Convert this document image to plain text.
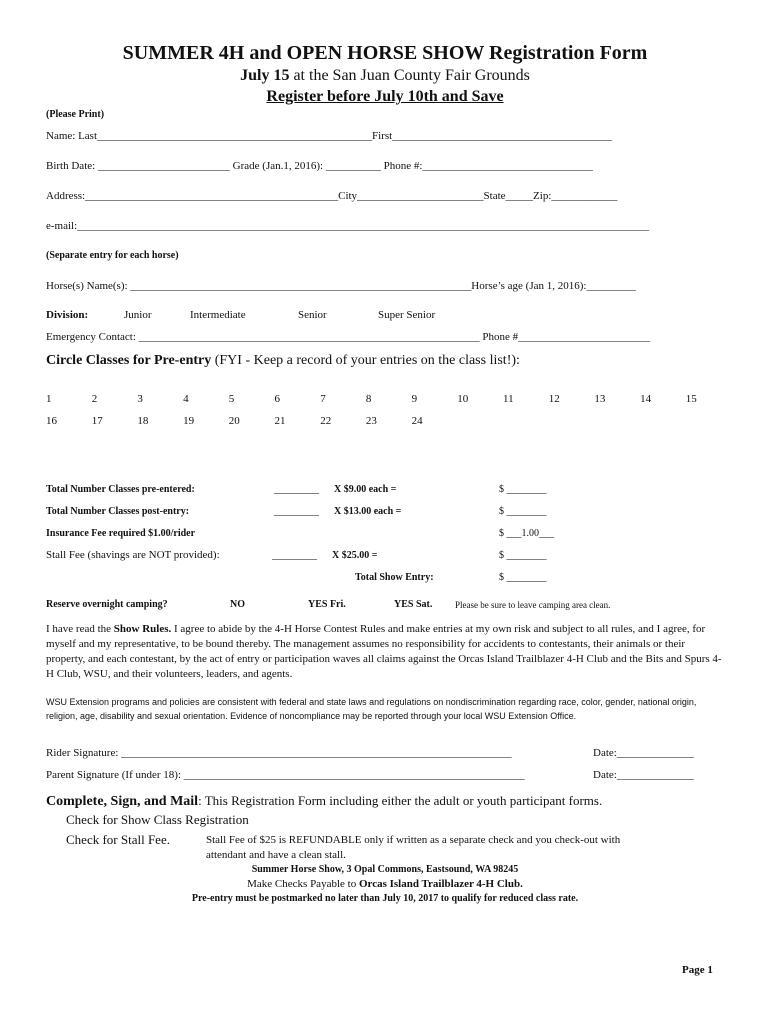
SUMMER 4H and OPEN HORSE SHOW Registration Form
July 15 at the San Juan County Fair Grounds
Register before July 10th and Save
(Please Print)
Name: Last__________________________________________________First________________________________________
Birth Date: ________________________ Grade (Jan.1, 2016): __________ Phone #:_______________________________
Address:______________________________________________City_______________________State_____Zip:____________
e-mail:________________________________________________________________________________________________________
(Separate entry for each horse)
Horse(s) Name(s): ______________________________________________________________Horse’s age (Jan 1, 2016):_________
Division:	Junior	Intermediate	Senior	Super Senior
Emergency Contact: ______________________________________________________________ Phone #________________________
Circle Classes for Pre-entry (FYI - Keep a record of your entries on the class list!):
1	2	3	4	5	6	7	8	9	10	11	12	13	14	15
16	17	18	19	20	21	22	23	24
Total Number Classes pre-entered:	_________ X $9.00 each =	$ ________
Total Number Classes post-entry:	_________ X $13.00 each =	$ ________
Insurance Fee required $1.00/rider	$ ___1.00___
Stall Fee (shavings are NOT provided):	_________ X $25.00 =	$ ________
Total Show Entry:	$ ________
Reserve overnight camping?	NO	YES Fri.	YES Sat.	Please be sure to leave camping area clean.
I have read the Show Rules. I agree to abide by the 4-H Horse Contest Rules and make entries at my own risk and subject to all rules, and I agree, for myself and my representative, to be bound thereby. The management assumes no responsibility for accidents to contestants, their animals or their property, and each contestant, by the act of entry or participation waves all claims against the Orcas Island Trailblazer 4-H Club and the Bits and Spurs 4-H Club, WSU, and their volunteers, leaders, and agents.
WSU Extension programs and policies are consistent with federal and state laws and regulations on nondiscrimination regarding race, color, gender, national origin, religion, age, disability and sexual orientation. Evidence of noncompliance may be reported through your local WSU Extension Office.
Rider Signature: _______________________________________________________________________	Date:______________
Parent Signature (If under 18): ______________________________________________________________	Date:______________
Complete, Sign, and Mail: This Registration Form including either the adult or youth participant forms.
Check for Show Class Registration
Check for Stall Fee.	Stall Fee of $25 is REFUNDABLE only if written as a separate check and you check-out with
attendant and have a clean stall.
Summer Horse Show, 3 Opal Commons, Eastsound, WA 98245
Make Checks Payable to Orcas Island Trailblazer 4-H Club.
Pre-entry must be postmarked no later than July 10, 2017 to qualify for reduced class rate.
Page 1
